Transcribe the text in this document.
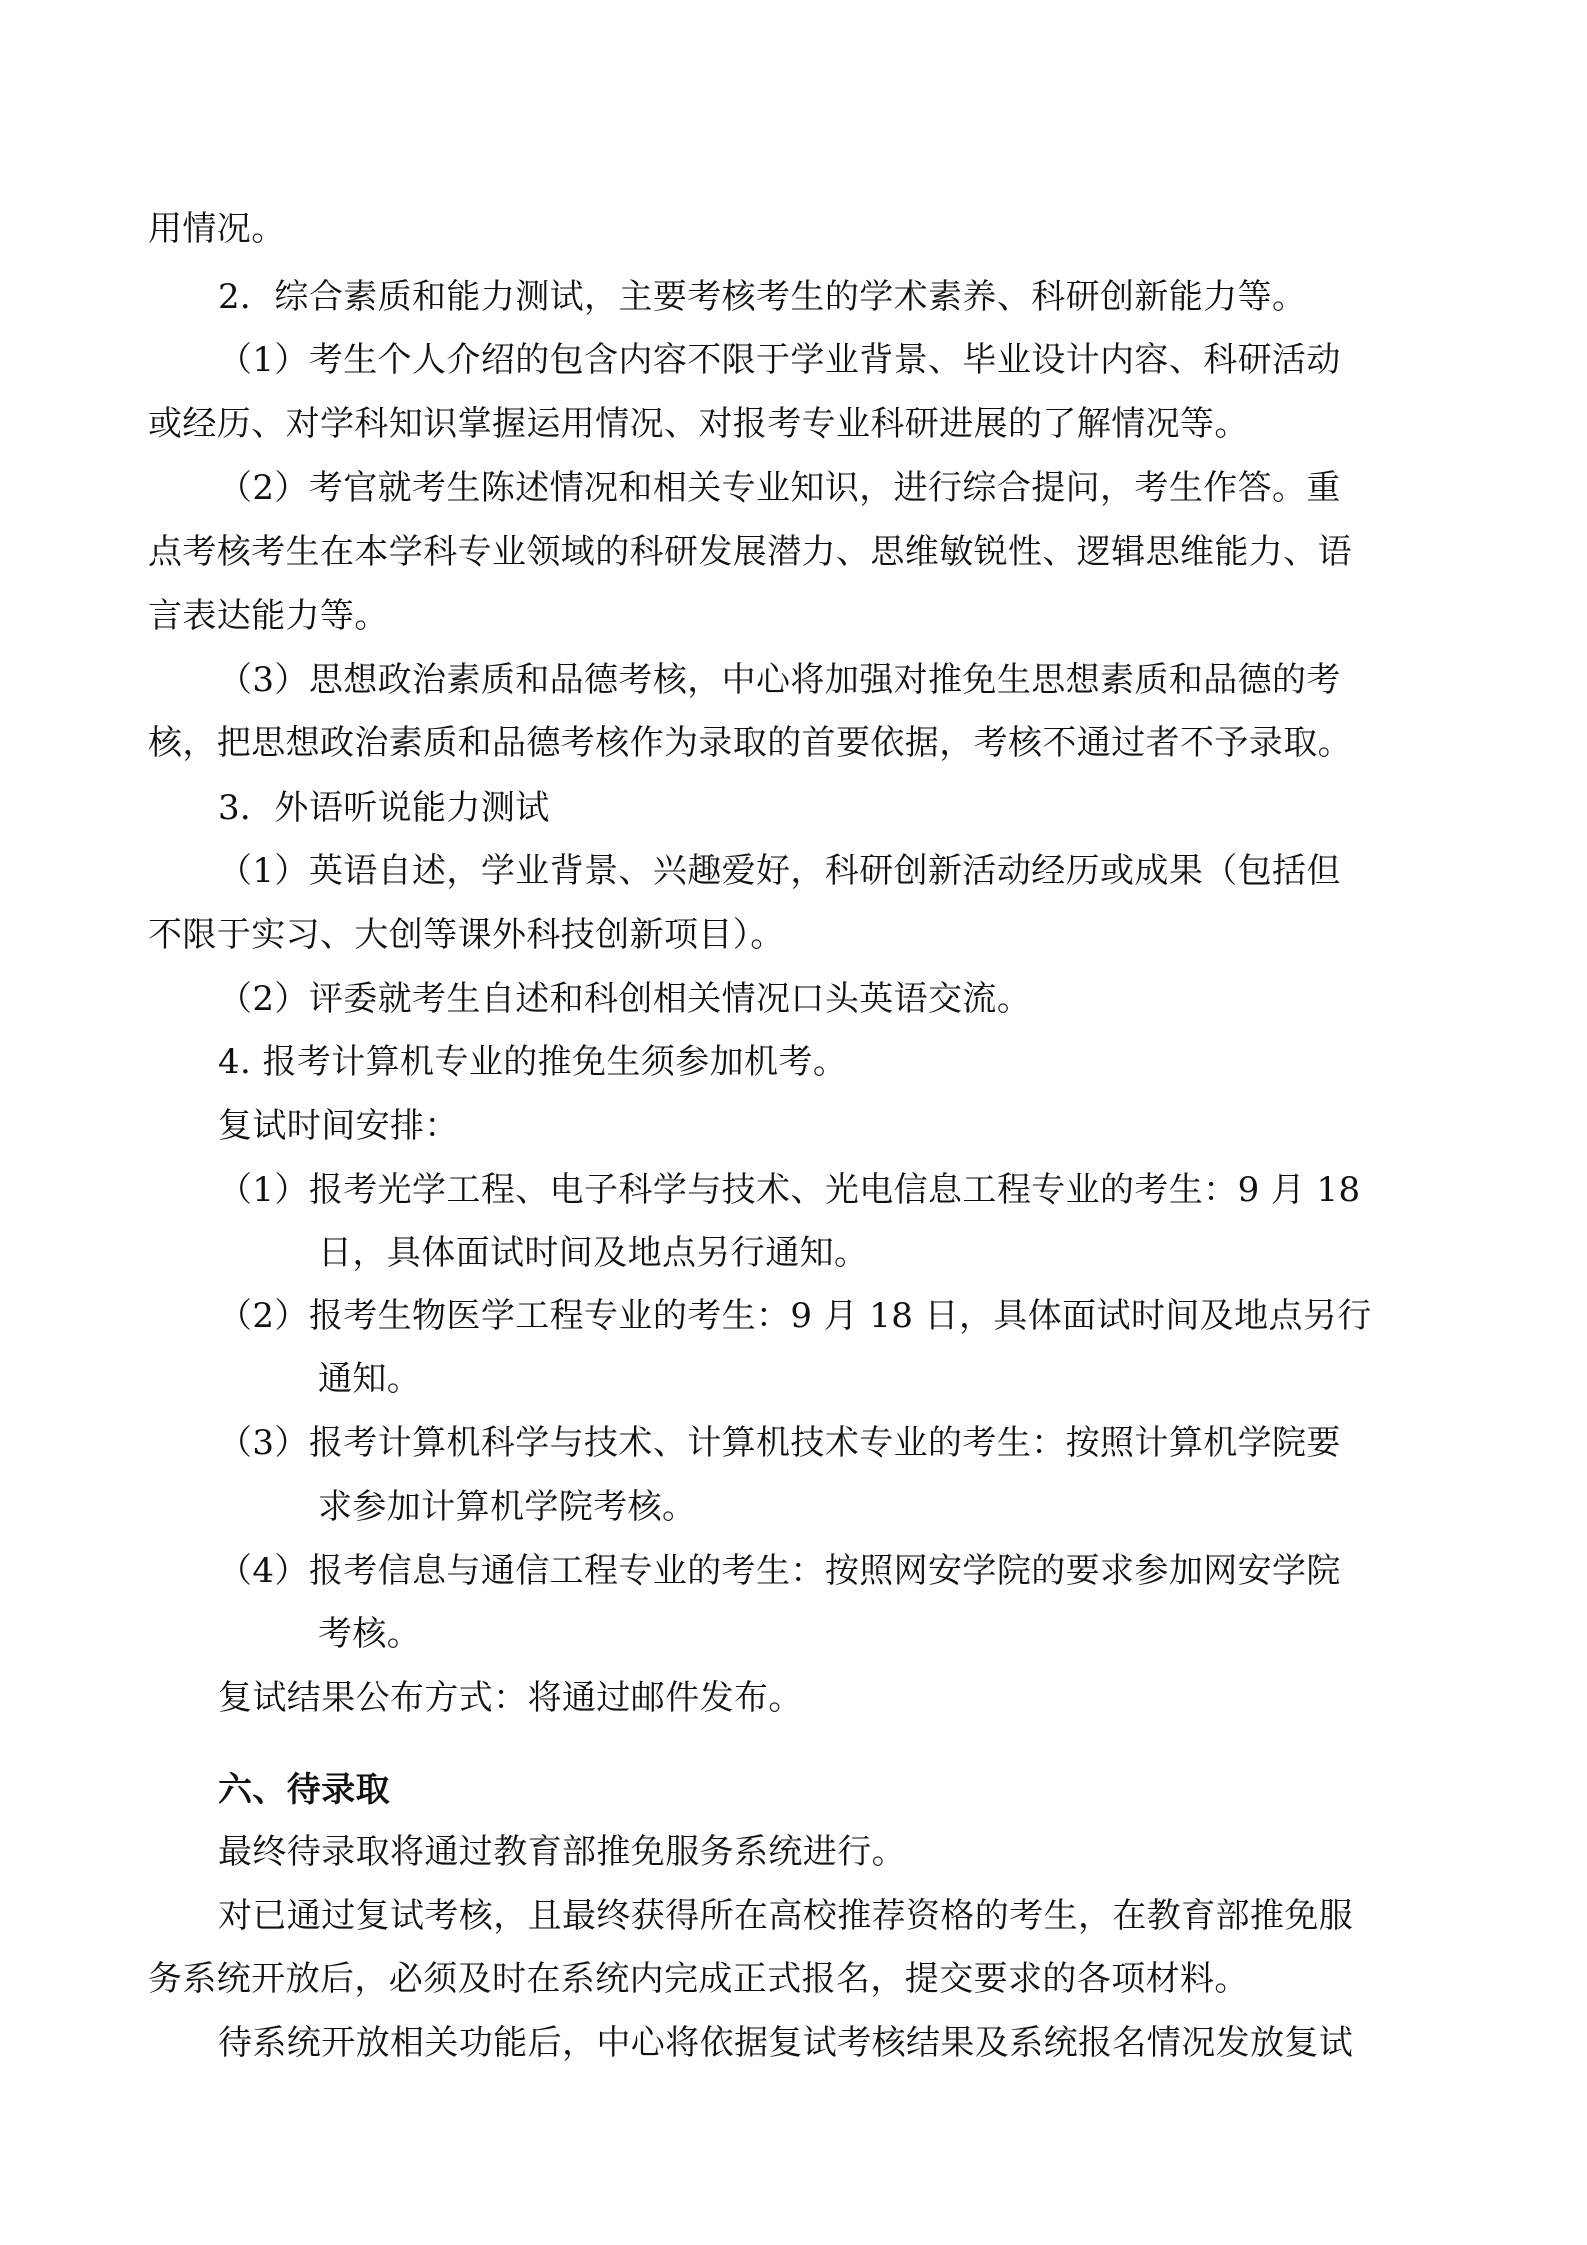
用情况。
2．综合素质和能力测试，主要考核考生的学术素养、科研创新能力等。
（1）考生个人介绍的包含内容不限于学业背景、毕业设计内容、科研活动
或经历、对学科知识掌握运用情况、对报考专业科研进展的了解情况等。
（2）考官就考生陈述情况和相关专业知识，进行综合提问，考生作答。重
点考核考生在本学科专业领域的科研发展潜力、思维敏锐性、逻辑思维能力、语
言表达能力等。
（3）思想政治素质和品德考核，中心将加强对推免生思想素质和品德的考
核，把思想政治素质和品德考核作为录取的首要依据，考核不通过者不予录取。
3．外语听说能力测试
（1）英语自述，学业背景、兴趣爱好，科研创新活动经历或成果（包括但
不限于实习、大创等课外科技创新项目）。
（2）评委就考生自述和科创相关情况口头英语交流。
4. 报考计算机专业的推免生须参加机考。
复试时间安排：
（1）报考光学工程、电子科学与技术、光电信息工程专业的考生：9 月 18
日，具体面试时间及地点另行通知。
（2）报考生物医学工程专业的考生：9 月 18 日，具体面试时间及地点另行
通知。
（3）报考计算机科学与技术、计算机技术专业的考生：按照计算机学院要
求参加计算机学院考核。
（4）报考信息与通信工程专业的考生：按照网安学院的要求参加网安学院
考核。
复试结果公布方式：将通过邮件发布。
六、待录取
最终待录取将通过教育部推免服务系统进行。
对已通过复试考核，且最终获得所在高校推荐资格的考生，在教育部推免服
务系统开放后，必须及时在系统内完成正式报名，提交要求的各项材料。
待系统开放相关功能后，中心将依据复试考核结果及系统报名情况发放复试
